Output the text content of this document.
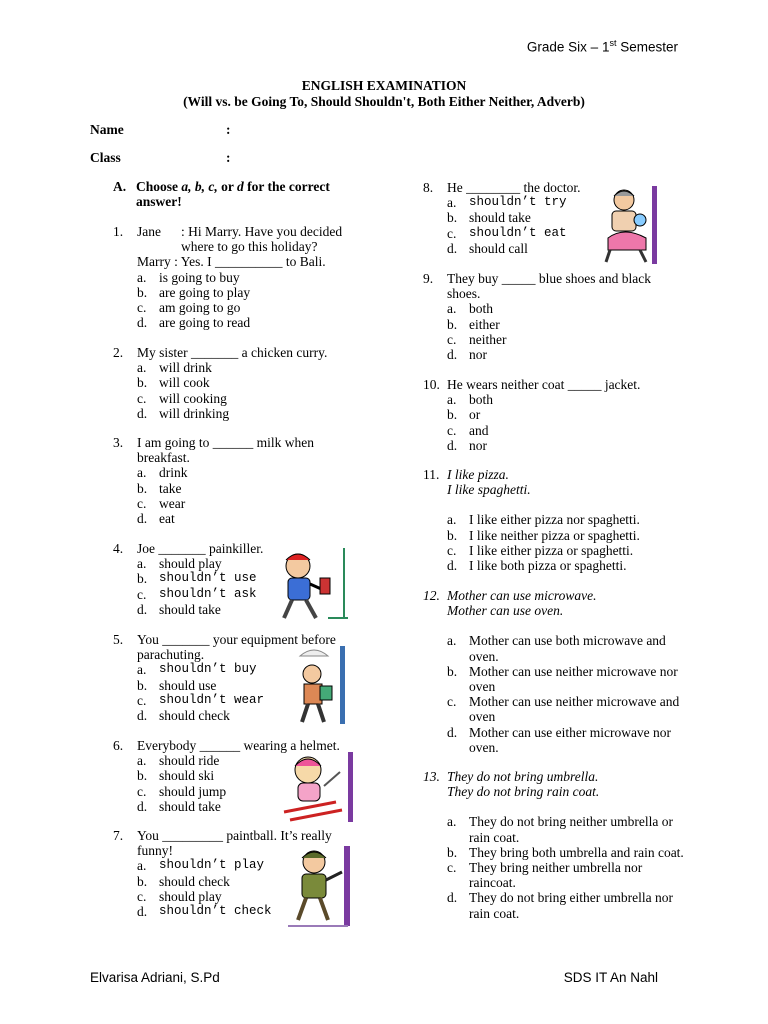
Grade Six – 1st Semester
ENGLISH EXAMINATION
(Will vs. be Going To, Should Shouldn't, Both Either Neither, Adverb)
Name	:
Class	:
A. Choose a, b, c, or d for the correct
answer!
1.	Jane	: Hi Marry. Have you decided
where to go this holiday?
Marry : Yes. I __________ to Bali.
a. is going to buy
b. are going to play
c. am going to go
d. are going to read
2.	My sister _______ a chicken curry.
a. will drink
b. will cook
c. will cooking
d. will drinking
3.	I am going to ______ milk when
breakfast.
a. drink
b. take
c. wear
d. eat
4.	Joe _______ painkiller.
a. should play
b. shouldn’t use
c.	shouldn’t ask
d. should take
5.	You _______ your equipment before
parachuting.
a.	shouldn’t buy
b. should use
c.	shouldn’t wear
d. should check
6.	Everybody ______ wearing a helmet.
a. should ride
b. should ski
c. should jump
d. should take
7.	You _________ paintball. It’s really
funny!
a.	shouldn’t play
b. should check
c. should play
d. shouldn’t check
8.	He ________ the doctor.
a.	shouldn’t try
b. should take
c.	shouldn’t eat
d. should call
9.	They buy _____ blue shoes and black
shoes.
a. both
b. either
c. neither
d. nor
10. He wears neither coat _____ jacket.
a. both
b. or
c. and
d. nor
11. I like pizza.
I like spaghetti.
a. I like either pizza nor spaghetti.
b. I like neither pizza or spaghetti.
c. I like either pizza or spaghetti.
d. I like both pizza or spaghetti.
12. Mother can use microwave.
Mother can use oven.
a. Mother can use both microwave and oven.
b. Mother can use neither microwave nor oven
c. Mother can use neither microwave and oven
d. Mother can use either microwave nor oven.
13. They do not bring umbrella.
They do not bring rain coat.
a. They do not bring neither umbrella or rain coat.
b. They bring both umbrella and rain coat.
c. They bring neither umbrella nor raincoat.
d. They do not bring either umbrella nor rain coat.
Elvarisa Adriani, S.Pd	SDS IT An Nahl
